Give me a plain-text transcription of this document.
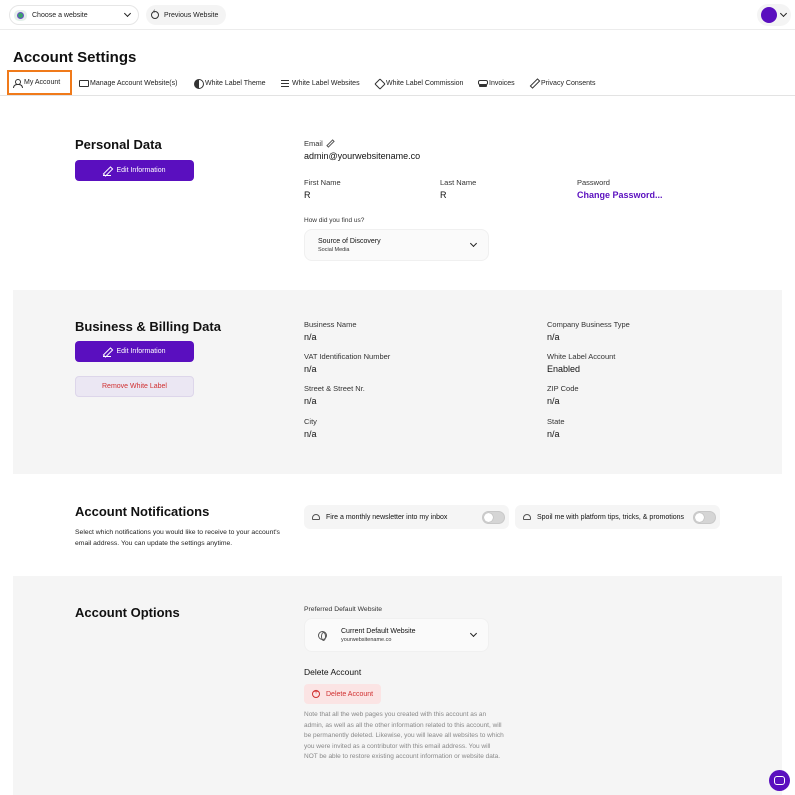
Choose a website
‹	Previous Website
Account Settings
My Account	Manage Account Website(s)	White Label Theme	White Label Websites	White Label Commission	Invoices	Privacy Consents
Personal Data
Edit Information
Email
admin@yourwebsitename.co
First Name
R
Last Name
R
Password
Change Password...
How did you find us?
Source of Discovery
Social Media
Business & Billing Data
Edit Information
Remove White Label
Business Name
n/a
Company Business Type
n/a
VAT Identification Number
n/a
White Label Account
Enabled
Street & Street Nr.
n/a
ZIP Code
n/a
City
n/a
State
n/a
Account Notifications
Select which notifications you would like to receive to your account's email address. You can update the settings anytime.
Fire a monthly newsletter into my inbox	Spoil me with platform tips, tricks, & promotions
Account Options	Preferred Default Website
Current Default Website
yourwebsitename.co
Delete Account
+
Delete Account
Note that all the web pages you created with this account as an admin, as well as all the other information related to this account, will be permanently deleted. Likewise, you will leave all websites to which you were invited as a contributor with this email address. You will NOT be able to restore existing account information or website data.
